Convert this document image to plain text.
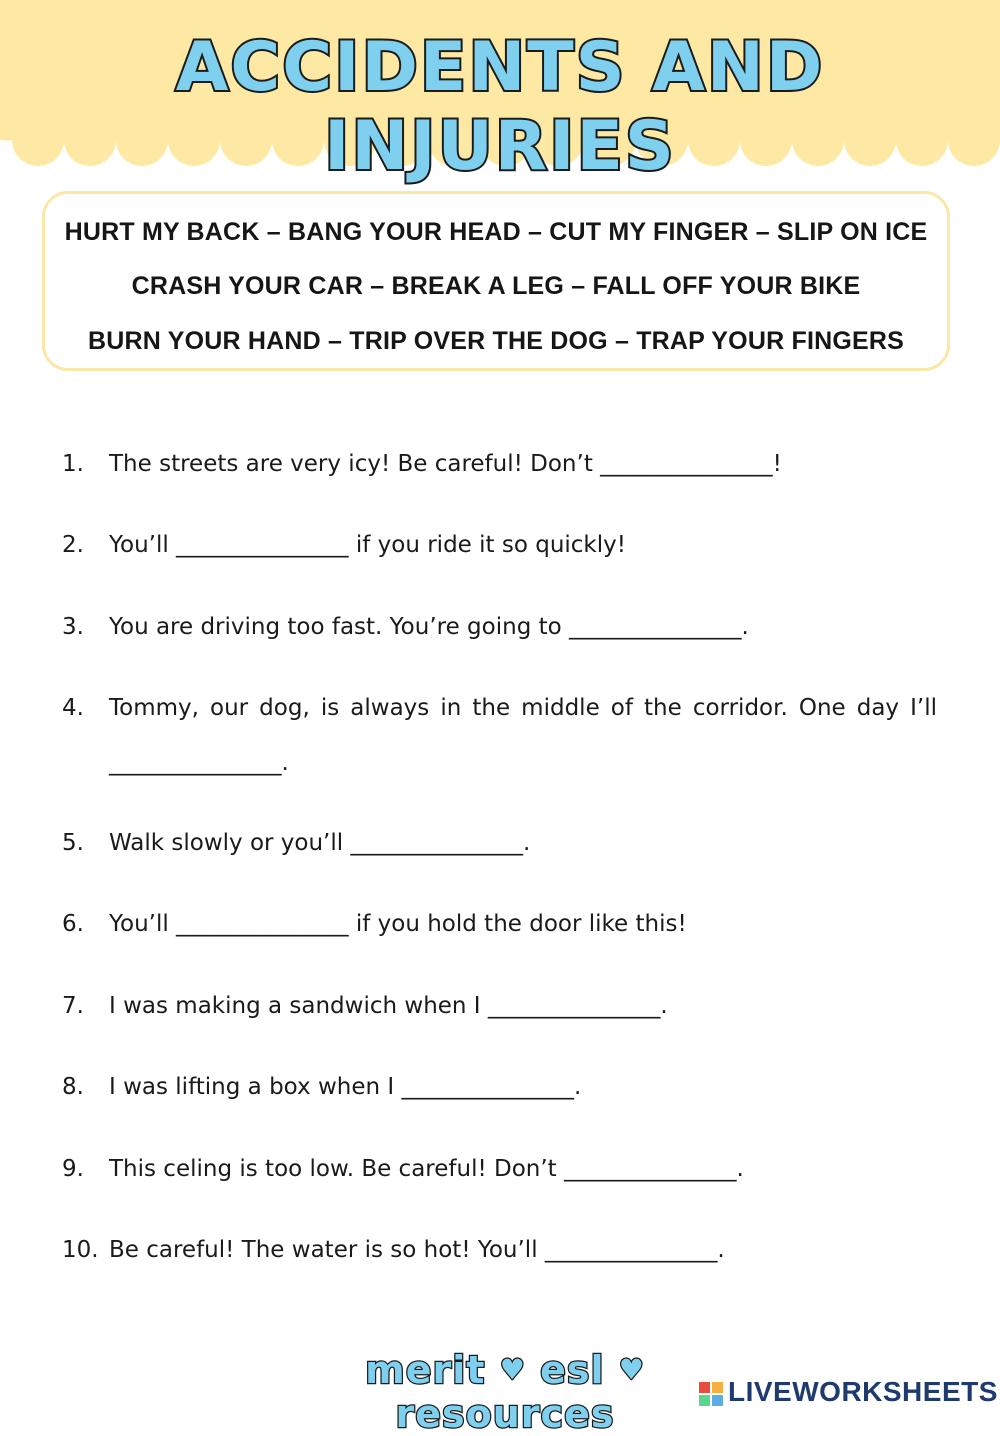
ACCIDENTS AND INJURIES
HURT MY BACK – BANG YOUR HEAD – CUT MY FINGER – SLIP ON ICE
CRASH YOUR CAR – BREAK A LEG – FALL OFF YOUR BIKE
BURN YOUR HAND – TRIP OVER THE DOG – TRAP YOUR FINGERS
1.	The streets are very icy! Be careful! Don’t _______________!
2.	You’ll _______________ if you ride it so quickly!
3.	You are driving too fast. You’re going to _______________.
4.	Tommy, our dog, is always in the middle of the corridor. One day I’ll _______________.
5.	Walk slowly or you’ll _______________.
6.	You’ll _______________ if you hold the door like this!
7.	I was making a sandwich when I _______________.
8.	I was lifting a box when I _______________.
9.	This celing is too low. Be careful! Don’t _______________.
10. Be careful! The water is so hot! You’ll _______________.
merit ♥ esl ♥ resources
LIVEWORKSHEETS
